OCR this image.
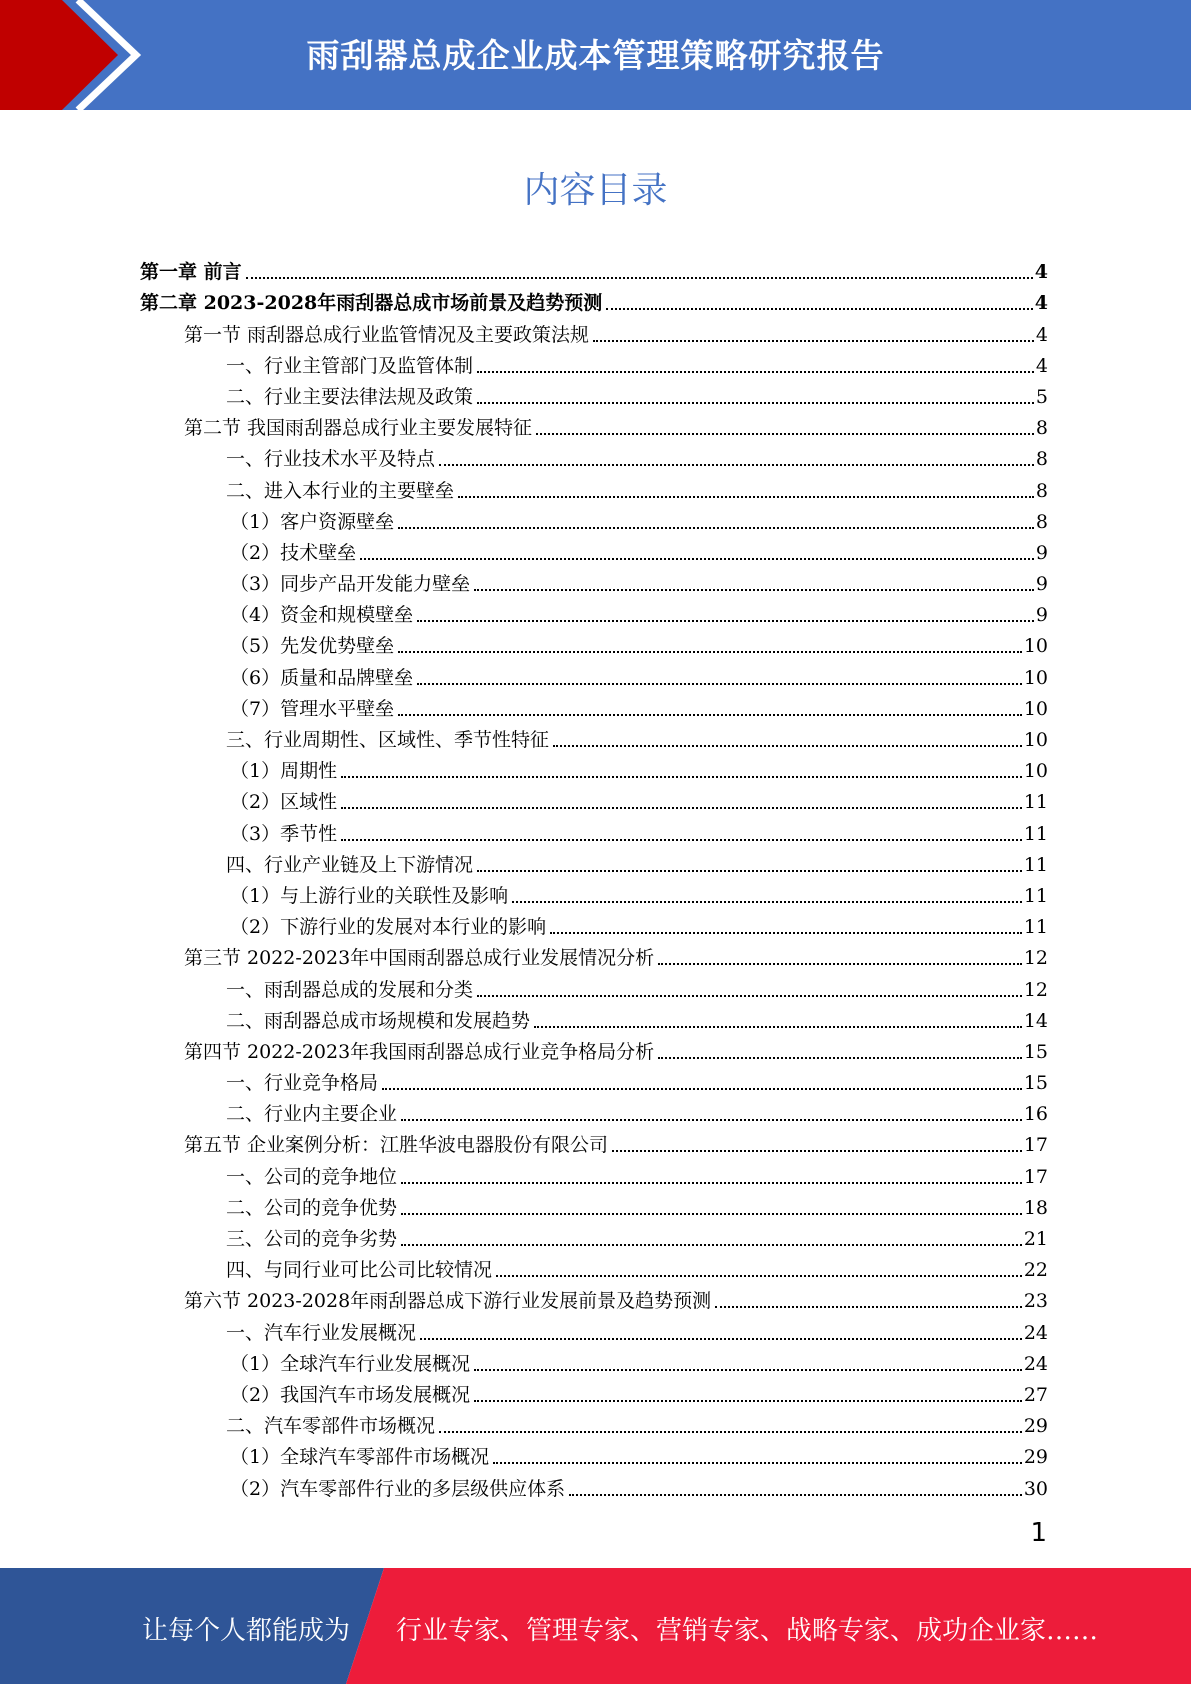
雨刮器总成企业成本管理策略研究报告
内容目录
第一章 前言	4
第二章 2023-2028年雨刮器总成市场前景及趋势预测	4
第一节 雨刮器总成行业监管情况及主要政策法规	4
一、行业主管部门及监管体制	4
二、行业主要法律法规及政策	5
第二节 我国雨刮器总成行业主要发展特征	8
一、行业技术水平及特点	8
二、进入本行业的主要壁垒	8
（1）客户资源壁垒	8
（2）技术壁垒	9
（3）同步产品开发能力壁垒	9
（4）资金和规模壁垒	9
（5）先发优势壁垒	10
（6）质量和品牌壁垒	10
（7）管理水平壁垒	10
三、行业周期性、区域性、季节性特征	10
（1）周期性	10
（2）区域性	11
（3）季节性	11
四、行业产业链及上下游情况	11
（1）与上游行业的关联性及影响	11
（2）下游行业的发展对本行业的影响	11
第三节 2022-2023年中国雨刮器总成行业发展情况分析	12
一、雨刮器总成的发展和分类	12
二、雨刮器总成市场规模和发展趋势	14
第四节 2022-2023年我国雨刮器总成行业竞争格局分析	15
一、行业竞争格局	15
二、行业内主要企业	16
第五节 企业案例分析：江胜华波电器股份有限公司	17
一、公司的竞争地位	17
二、公司的竞争优势	18
三、公司的竞争劣势	21
四、与同行业可比公司比较情况	22
第六节 2023-2028年雨刮器总成下游行业发展前景及趋势预测	23
一、汽车行业发展概况	24
（1）全球汽车行业发展概况	24
（2）我国汽车市场发展概况	27
二、汽车零部件市场概况	29
（1）全球汽车零部件市场概况	29
（2）汽车零部件行业的多层级供应体系	30
1
让每个人都能成为 行业专家、管理专家、营销专家、战略专家、成功企业家……
